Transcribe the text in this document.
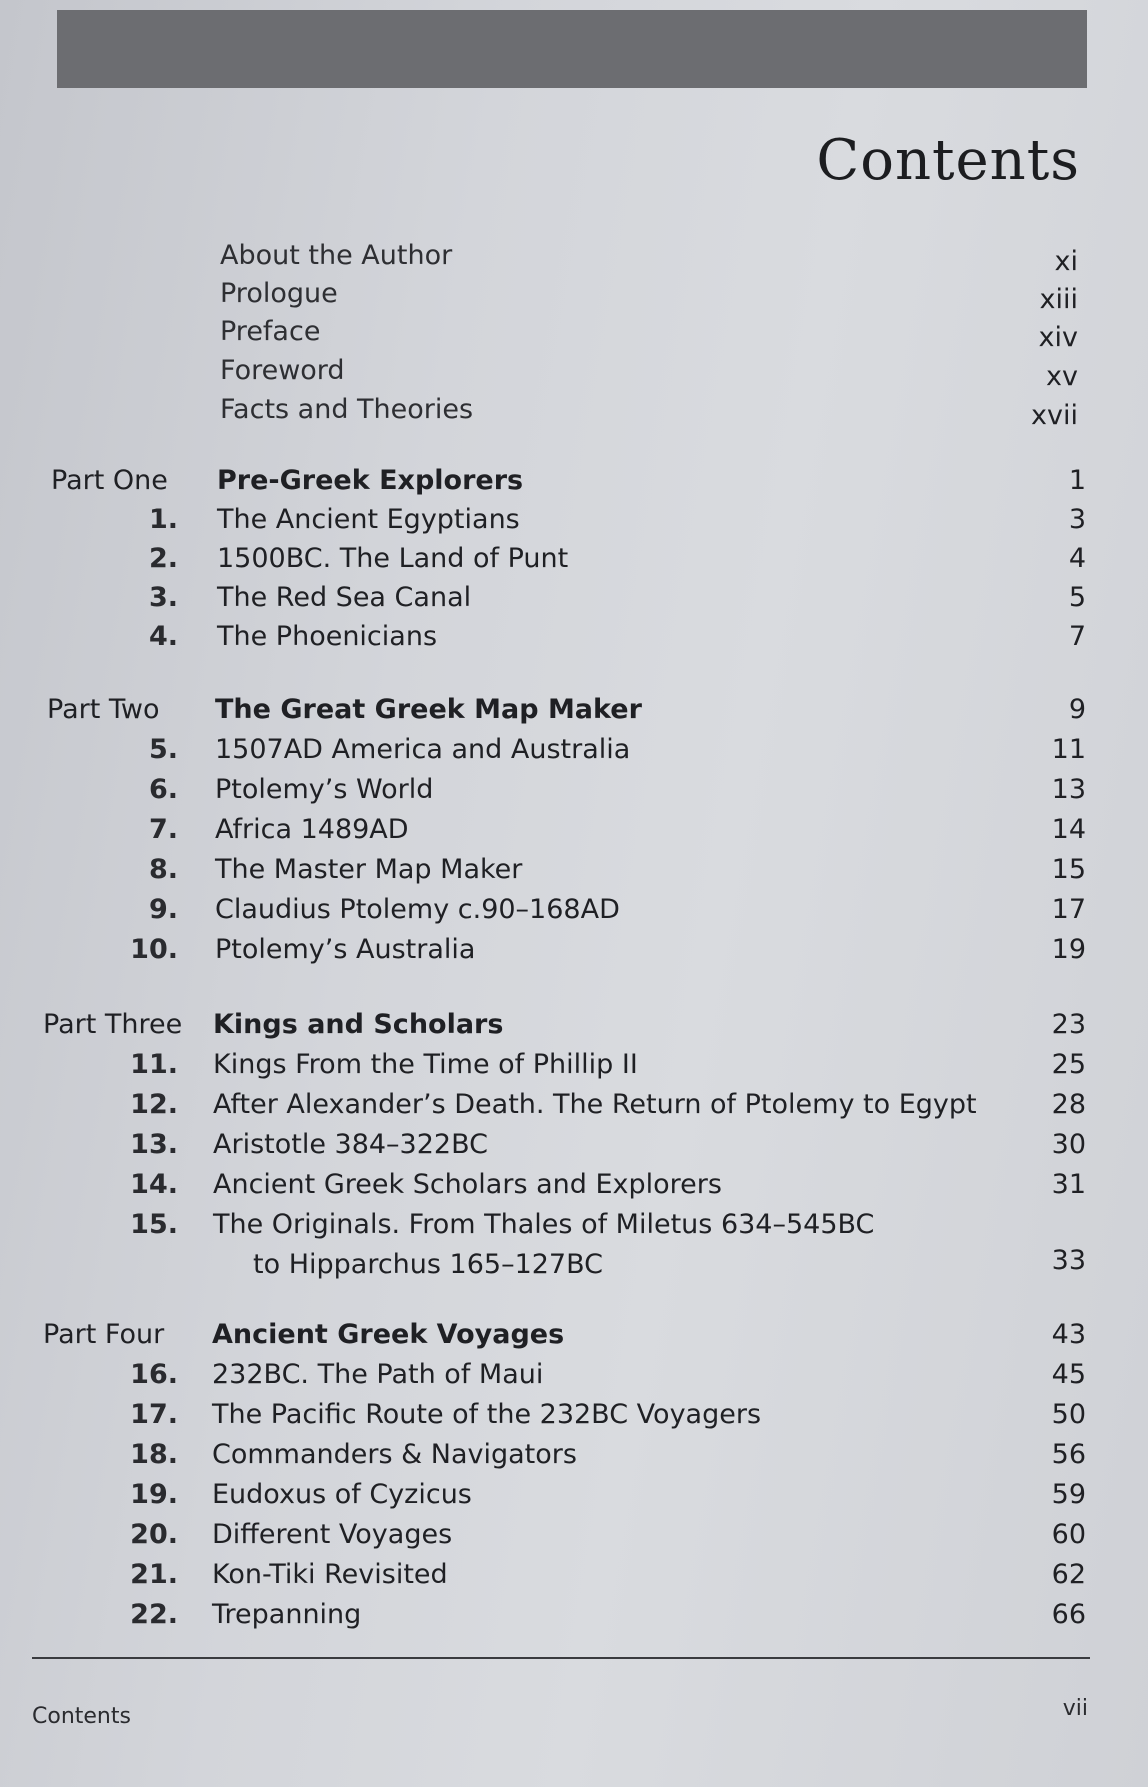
Contents
About the Author	xi
Prologue	xiii
Preface	xiv
Foreword	xv
Facts and Theories	xvii
Part One Pre-Greek Explorers	1
1. The Ancient Egyptians	3
2. 1500BC. The Land of Punt	4
3. The Red Sea Canal	5
4. The Phoenicians	7
Part Two The Great Greek Map Maker	9
5. 1507AD America and Australia	11
6. Ptolemy’s World	13
7. Africa 1489AD	14
8. The Master Map Maker	15
9. Claudius Ptolemy c.90–168AD	17
10. Ptolemy’s Australia	19
Part Three Kings and Scholars	23
11. Kings From the Time of Phillip II	25
12. After Alexander’s Death. The Return of Ptolemy to Egypt	28
13. Aristotle 384–322BC	30
14. Ancient Greek Scholars and Explorers	31
15. The Originals. From Thales of Miletus 634–545BC
to Hipparchus 165–127BC	33
Part Four Ancient Greek Voyages	43
16. 232BC. The Path of Maui	45
17. The Pacific Route of the 232BC Voyagers	50
18. Commanders & Navigators	56
19. Eudoxus of Cyzicus	59
20. Different Voyages	60
21. Kon-Tiki Revisited	62
22. Trepanning	66
Contents	vii
